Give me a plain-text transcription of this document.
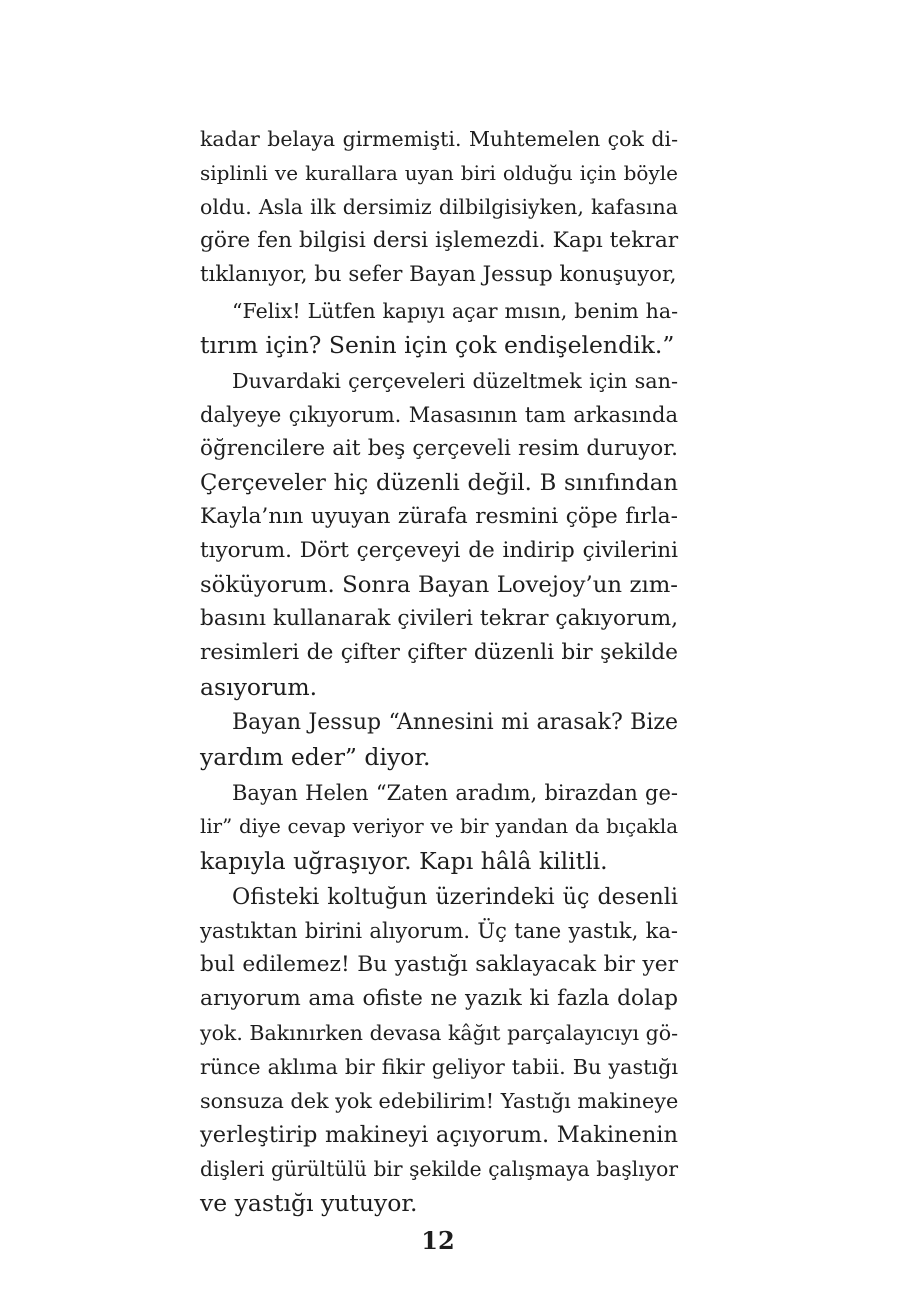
kadar belaya girmemişti. Muhtemelen çok di-
siplinli ve kurallara uyan biri olduğu için böyle
oldu. Asla ilk dersimiz dilbilgisiyken, kafasına
göre fen bilgisi dersi işlemezdi. Kapı tekrar
tıklanıyor, bu sefer Bayan Jessup konuşuyor,
“Felix! Lütfen kapıyı açar mısın, benim ha-
tırım için? Senin için çok endişelendik.”
Duvardaki çerçeveleri düzeltmek için san-
dalyeye çıkıyorum. Masasının tam arkasında
öğrencilere ait beş çerçeveli resim duruyor.
Çerçeveler hiç düzenli değil. B sınıfından
Kayla’nın uyuyan zürafa resmini çöpe fırla-
tıyorum. Dört çerçeveyi de indirip çivilerini
söküyorum. Sonra Bayan Lovejoy’un zım-
basını kullanarak çivileri tekrar çakıyorum,
resimleri de çifter çifter düzenli bir şekilde
asıyorum.
Bayan Jessup “Annesini mi arasak? Bize
yardım eder” diyor.
Bayan Helen “Zaten aradım, birazdan ge-
lir” diye cevap veriyor ve bir yandan da bıçakla
kapıyla uğraşıyor. Kapı hâlâ kilitli.
Ofisteki koltuğun üzerindeki üç desenli
yastıktan birini alıyorum. Üç tane yastık, ka-
bul edilemez! Bu yastığı saklayacak bir yer
arıyorum ama ofiste ne yazık ki fazla dolap
yok. Bakınırken devasa kâğıt parçalayıcıyı gö-
rünce aklıma bir fikir geliyor tabii. Bu yastığı
sonsuza dek yok edebilirim! Yastığı makineye
yerleştirip makineyi açıyorum. Makinenin
dişleri gürültülü bir şekilde çalışmaya başlıyor
ve yastığı yutuyor.
12
